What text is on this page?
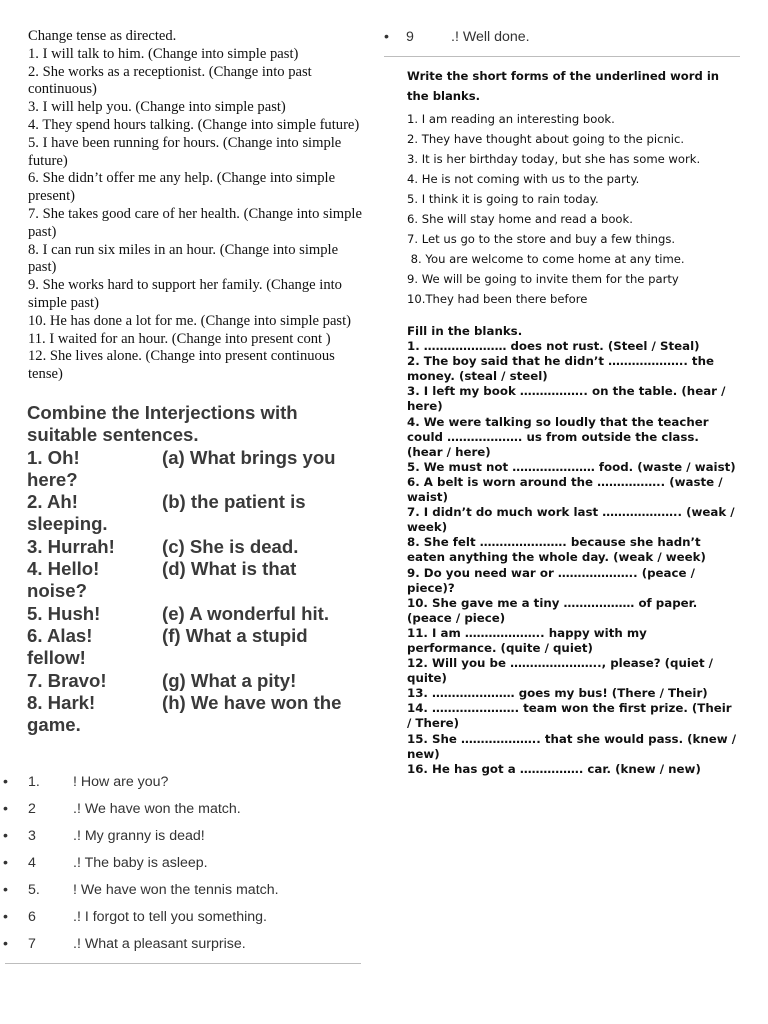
Change tense as directed.

1. I will talk to him. (Change into simple past)

2. She works as a receptionist. (Change into past continuous)

3. I will help you. (Change into simple past)

4. They spend hours talking. (Change into simple future)

5. I have been running for hours. (Change into simple future)

6. She didn’t offer me any help. (Change into simple present)

7. She takes good care of her health. (Change into simple past)

8. I can run six miles in an hour. (Change into simple past)

9. She works hard to support her family. (Change into simple past)

10. He has done a lot for me. (Change into simple past)

11. I waited for an hour. (Change into present cont )

12. She lives alone. (Change into present continuous tense)

Combine the Interjections with suitable sentences.

1. Oh!	(a) What brings you
here?
2. Ah!	(b) the patient is
sleeping.
3. Hurrah!	(c) She is dead.
4. Hello!	(d) What is that
noise?
5. Hush!	(e) A wonderful hit.
6. Alas!	(f) What a stupid
fellow!
7. Bravo!	(g) What a pity!
8. Hark!	(h) We have won the
game.
• 1. ! How are you?
• 2	.! We have won the match.
• 3	.! My granny is dead!
• 4	.! The baby is asleep.
• 5. ! We have won the tennis match.
• 6	.! I forgot to tell you something.
• 7	.! What a pleasant surprise.
• 9	.! Well done.

Write the short forms of the underlined word in the blanks.

1. I am reading an interesting book.

2. They have thought about going to the picnic.

3. It is her birthday today, but she has some work.

4. He is not coming with us to the party.

5. I think it is going to rain today.

6. She will stay home and read a book.

7. Let us go to the store and buy a few things.

8. You are welcome to come home at any time.

9. We will be going to invite them for the party

10.They had been there before

Fill in the blanks.

1. ………………… does not rust. (Steel / Steal)

2. The boy said that he didn’t ……………….. the money. (steal / steel)

3. I left my book …………….. on the table. (hear / here)

4. We were talking so loudly that the teacher could ………………. us from outside the class. (hear / here)

5. We must not ………………… food. (waste / waist)

6. A belt is worn around the …………….. (waste / waist)

7. I didn’t do much work last ……………….. (weak / week)

8. She felt …………………. because she hadn’t eaten anything the whole day. (weak / week)

9. Do you need war or ……………….. (peace / piece)?

10. She gave me a tiny ……………… of paper. (peace / piece)

11. I am ……………….. happy with my performance. (quite / quiet)

12. Will you be ………………….., please? (quiet / quite)

13. ………………… goes my bus! (There / Their)

14. …………………. team won the first prize. (Their / There)

15. She ……………….. that she would pass. (knew / new)

16. He has got a ……………. car. (knew / new)
